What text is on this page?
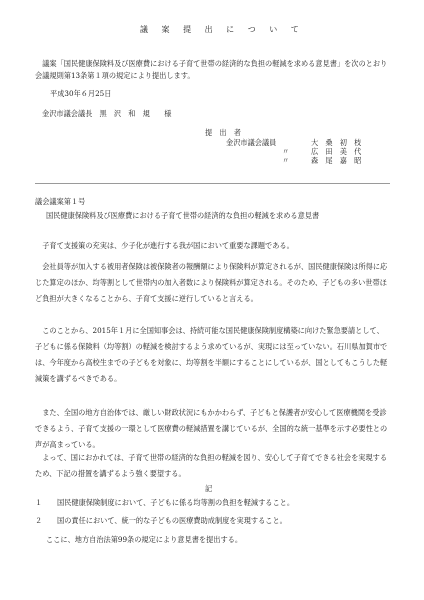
議 案 提 出 に つ い て
議案「国民健康保険料及び医療費における子育て世帯の経済的な負担の軽減を求める意見書」を次のとおり会議規則第13条第１項の規定により提出します。
平成30年６月25日
金沢市議会議長　黒　沢　和　規　　様
提　出　者
金沢市議会議員	大　桑　初　枝
〃	広　田　美　代
〃	森　尾　嘉　昭
議会議案第１号
国民健康保険料及び医療費における子育て世帯の経済的な負担の軽減を求める意見書
子育て支援策の充実は、少子化が進行する我が国において重要な課題である。
会社員等が加入する被用者保険は被保険者の報酬額により保険料が算定されるが、国民健康保険は所得に応じた算定のほか、均等割として世帯内の加入者数により保険料が算定される。そのため、子どもの多い世帯ほど負担が大きくなることから、子育て支援に逆行していると言える。
このことから、2015年１月に全国知事会は、持続可能な国民健康保険制度構築に向けた緊急要請として、子どもに係る保険料（均等割）の軽減を検討するよう求めているが、実現には至っていない。石川県加賀市では、今年度から高校生までの子どもを対象に、均等割を半額にすることにしているが、国としてもこうした軽減策を講ずるべきである。
また、全国の地方自治体では、厳しい財政状況にもかかわらず、子どもと保護者が安心して医療機関を受診できるよう、子育て支援の一環として医療費の軽減措置を講じているが、全国的な統一基準を示す必要性との声が高まっている。
よって、国におかれては、子育て世帯の経済的な負担の軽減を図り、安心して子育てできる社会を実現するため、下記の措置を講ずるよう強く要望する。
記
１	国民健康保険制度において、子どもに係る均等割の負担を軽減すること。
２	国の責任において、統一的な子どもの医療費助成制度を実現すること。
ここに、地方自治法第99条の規定により意見書を提出する。
